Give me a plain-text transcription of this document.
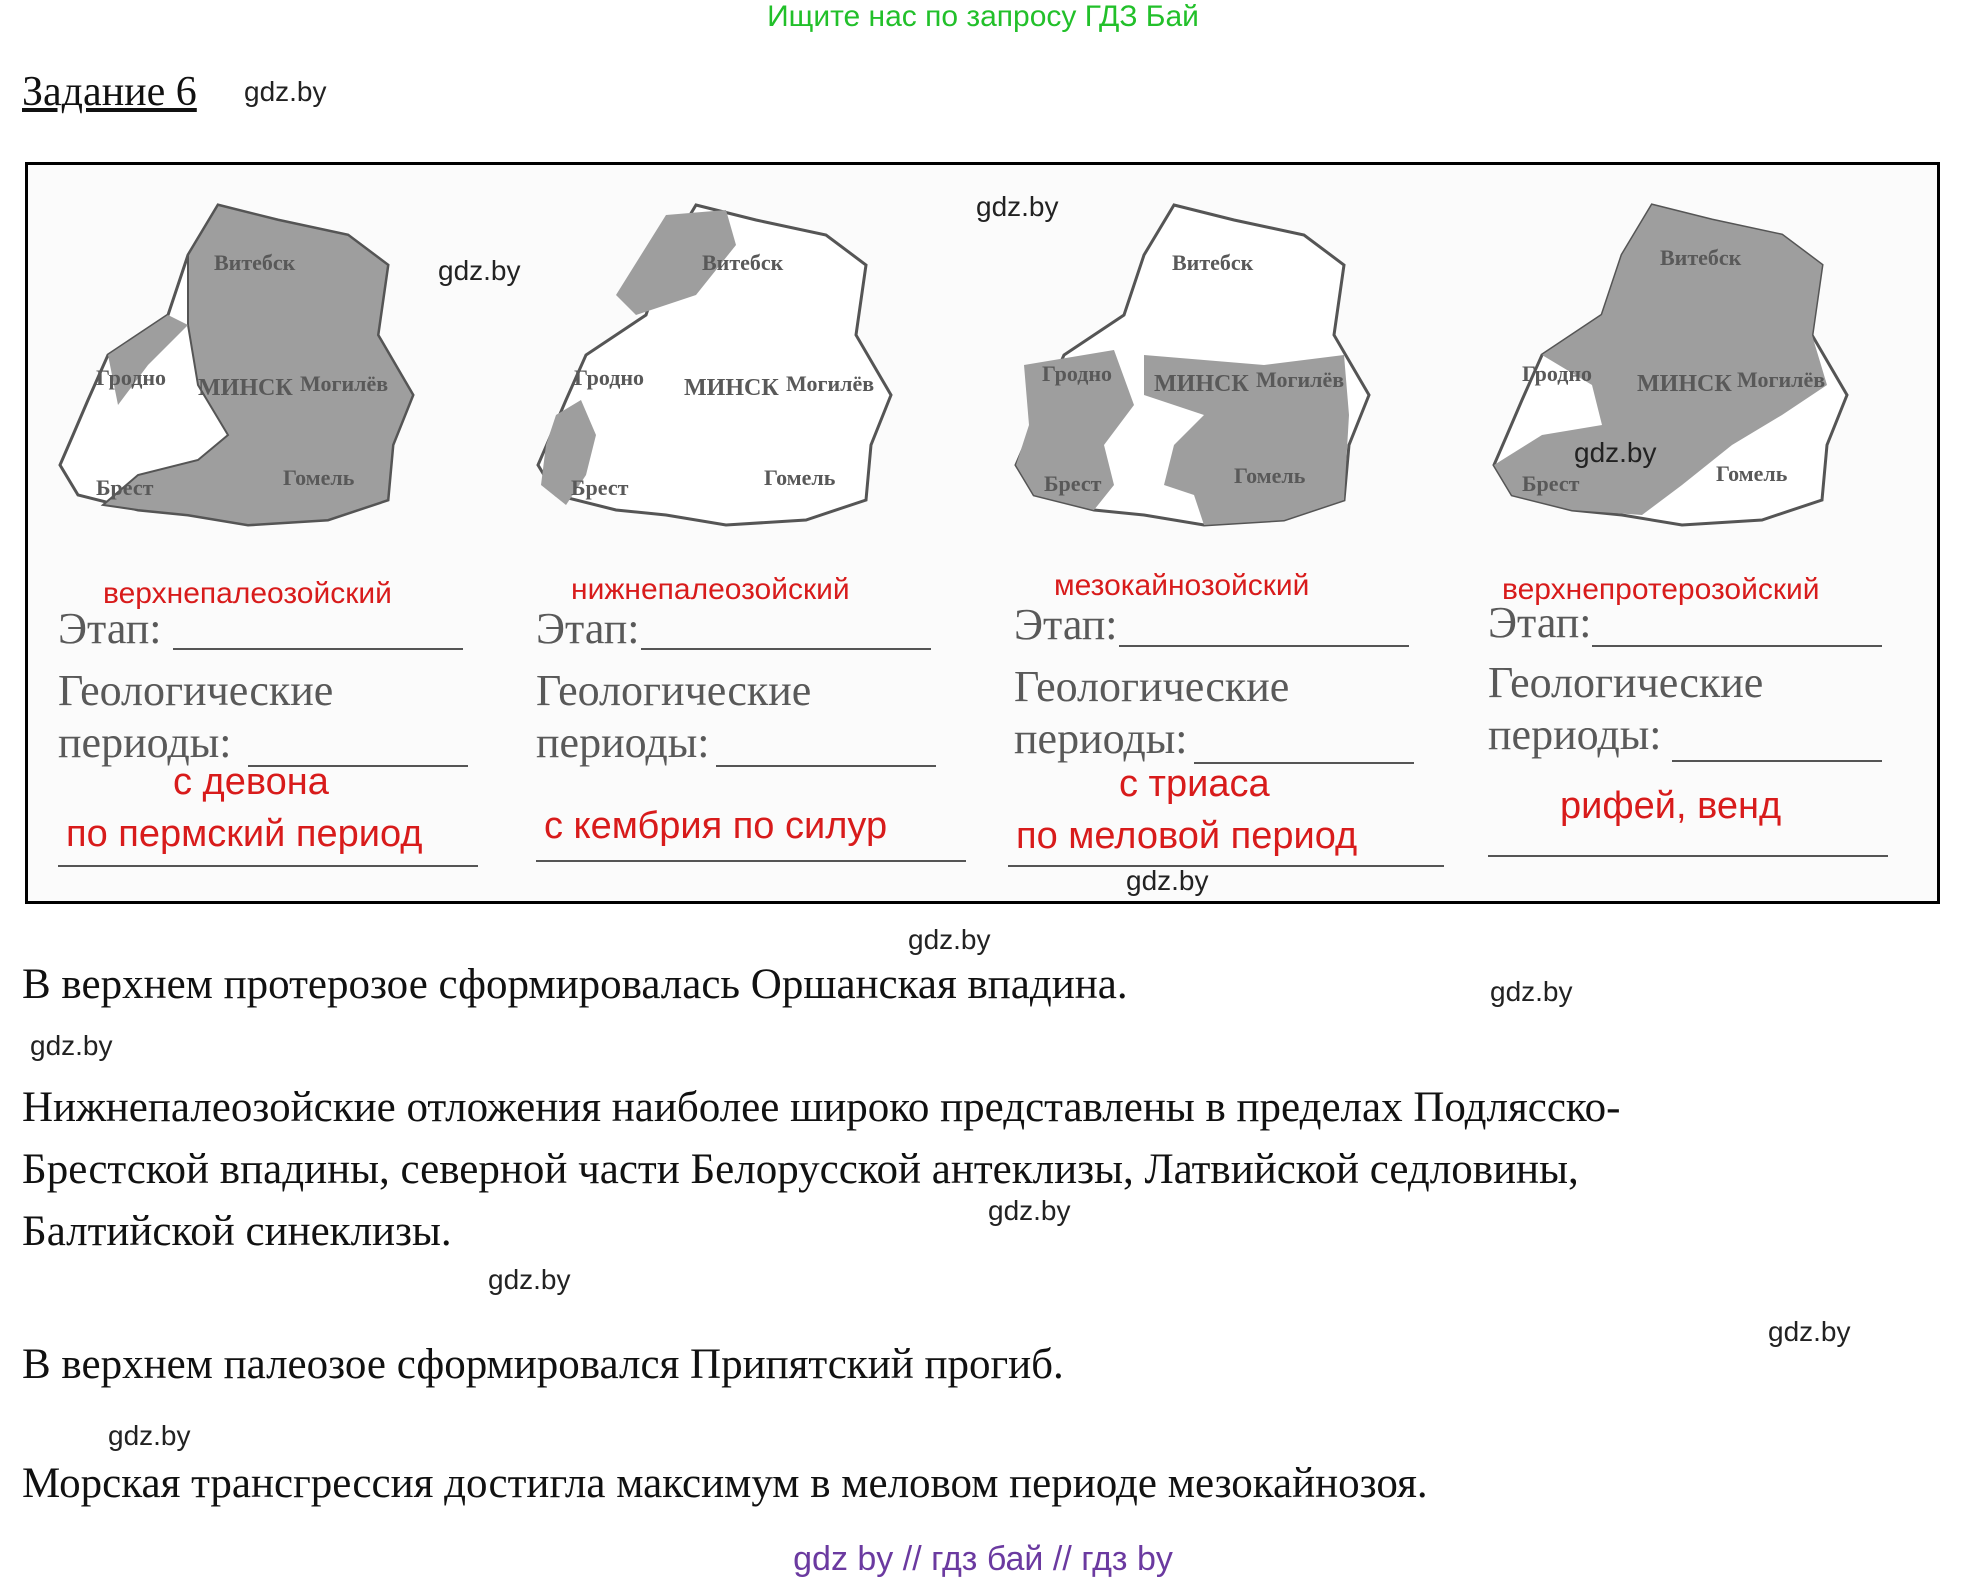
Ищите нас по запросу ГДЗ Бай
Задание 6 gdz.by
Витебск
Гродно МИНСК Могилёв
Брест	Гомель
gdz.by
верхнепалеозойский
Этап:
Геологические
периоды:
с девона
по пермский период
Витебск
Гродно МИНСК Могилёв
Брест	Гомель
нижнепалеозойский
Этап:
Геологические
периоды:
с кембрия по силур
gdz.by
Витебск
Гродно МИНСК Могилёв
Брест	Гомель
мезокайнозойский
Этап:
Геологические
периоды:
с триаса
по меловой период
gdz.by
Витебск
Гродно МИНСК Могилёв
Брест	Гомель
gdz.by
верхнепротерозойский
Этап:
Геологические
периоды:
рифей, венд
gdz.by
В верхнем протерозое сформировалась Оршанская впадина.	gdz.by
gdz.by
Нижнепалеозойские отложения наиболее широко представлены в пределах Подлясско-
Брестской впадины, северной части Белорусской антеклизы, Латвийской седловины,
Балтийской синеклизы.	gdz.by
gdz.by
gdz.by
В верхнем палеозое сформировался Припятский прогиб.
gdz.by
Морская трансгрессия достигла максимум в меловом периоде мезокайнозоя.
gdz by // гдз бай // гдз by
